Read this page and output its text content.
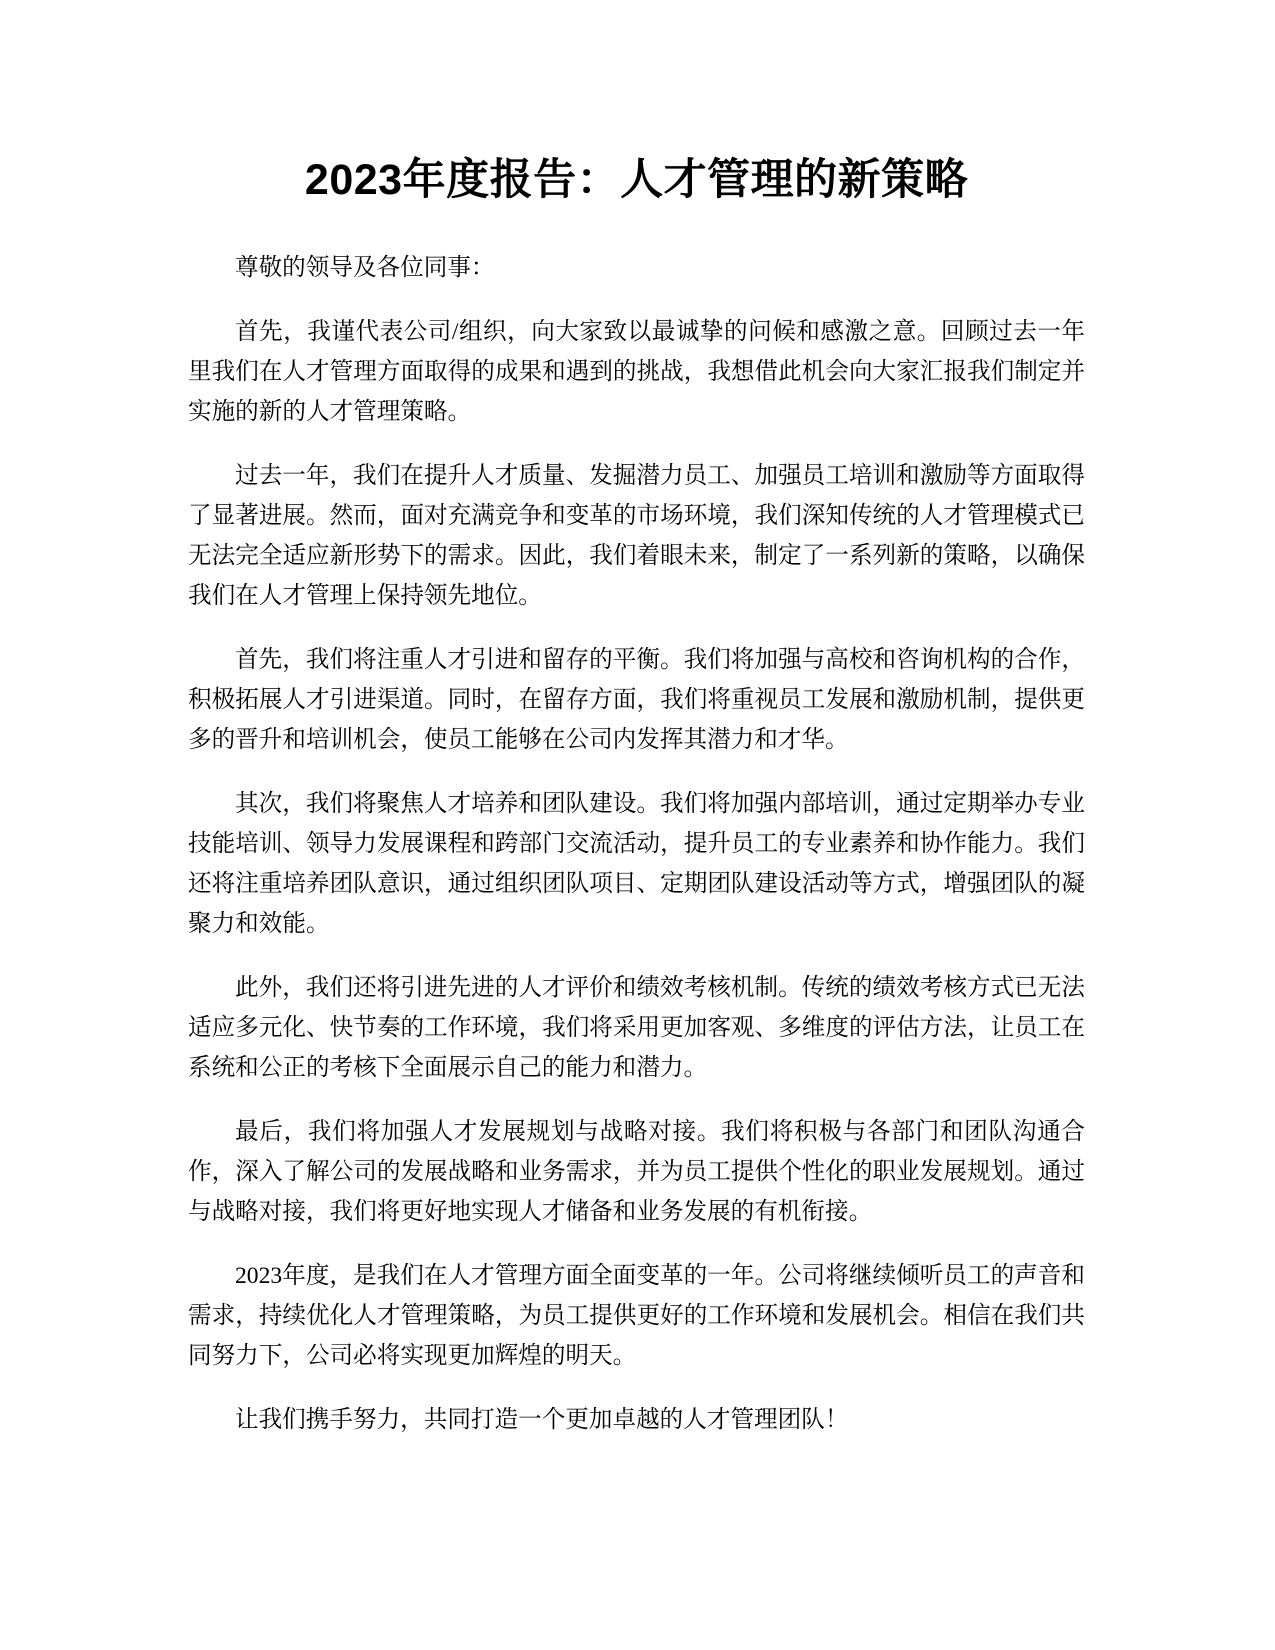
2023年度报告：人才管理的新策略

尊敬的领导及各位同事：

首先，我谨代表公司/组织，向大家致以最诚挚的问候和感激之意。回顾过去一年里我们在人才管理方面取得的成果和遇到的挑战，我想借此机会向大家汇报我们制定并实施的新的人才管理策略。

过去一年，我们在提升人才质量、发掘潜力员工、加强员工培训和激励等方面取得了显著进展。然而，面对充满竞争和变革的市场环境，我们深知传统的人才管理模式已无法完全适应新形势下的需求。因此，我们着眼未来，制定了一系列新的策略，以确保我们在人才管理上保持领先地位。

首先，我们将注重人才引进和留存的平衡。我们将加强与高校和咨询机构的合作，积极拓展人才引进渠道。同时，在留存方面，我们将重视员工发展和激励机制，提供更多的晋升和培训机会，使员工能够在公司内发挥其潜力和才华。

其次，我们将聚焦人才培养和团队建设。我们将加强内部培训，通过定期举办专业技能培训、领导力发展课程和跨部门交流活动，提升员工的专业素养和协作能力。我们还将注重培养团队意识，通过组织团队项目、定期团队建设活动等方式，增强团队的凝聚力和效能。

此外，我们还将引进先进的人才评价和绩效考核机制。传统的绩效考核方式已无法适应多元化、快节奏的工作环境，我们将采用更加客观、多维度的评估方法，让员工在系统和公正的考核下全面展示自己的能力和潜力。

最后，我们将加强人才发展规划与战略对接。我们将积极与各部门和团队沟通合作，深入了解公司的发展战略和业务需求，并为员工提供个性化的职业发展规划。通过与战略对接，我们将更好地实现人才储备和业务发展的有机衔接。

2023年度，是我们在人才管理方面全面变革的一年。公司将继续倾听员工的声音和需求，持续优化人才管理策略，为员工提供更好的工作环境和发展机会。相信在我们共同努力下，公司必将实现更加辉煌的明天。

让我们携手努力，共同打造一个更加卓越的人才管理团队！
